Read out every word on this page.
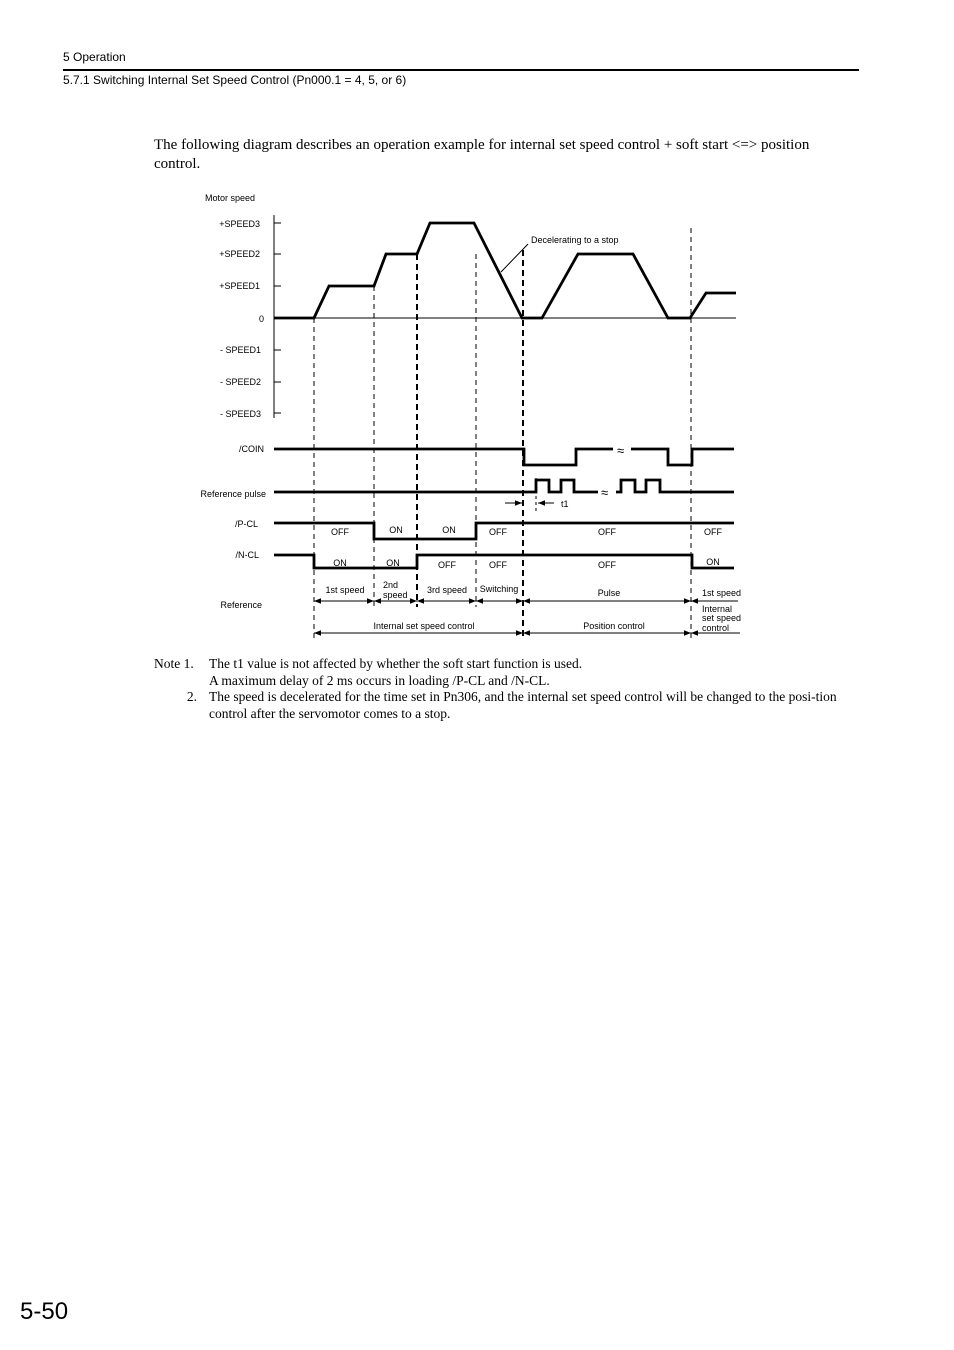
5 Operation
5.7.1 Switching Internal Set Speed Control (Pn000.1 = 4, 5, or 6)
The following diagram describes an operation example for internal set speed control + soft start <=> position control.
Motor speed
+SPEED3
+SPEED2
+SPEED1
0
- SPEED1
- SPEED2
- SPEED3
Decelerating to a stop
/COIN	≈
Reference pulse	≈
t1
/P-CL
OFF	ON	ON	OFF	OFF	OFF
/N-CL
ON	ON	OFF	OFF	OFF	ON
Reference
1st speed 2nd
speed 3rd speed Switching	Pulse	1st speed
Internal set speed control	Position control
Internal
set speed
control
Note 1.	The t1 value is not affected by whether the soft start function is used.
A maximum delay of 2 ms occurs in loading /P-CL and /N-CL.
2. The speed is decelerated for the time set in Pn306, and the internal set speed control will be changed to the posi-tion control after the servomotor comes to a stop.
5-50
